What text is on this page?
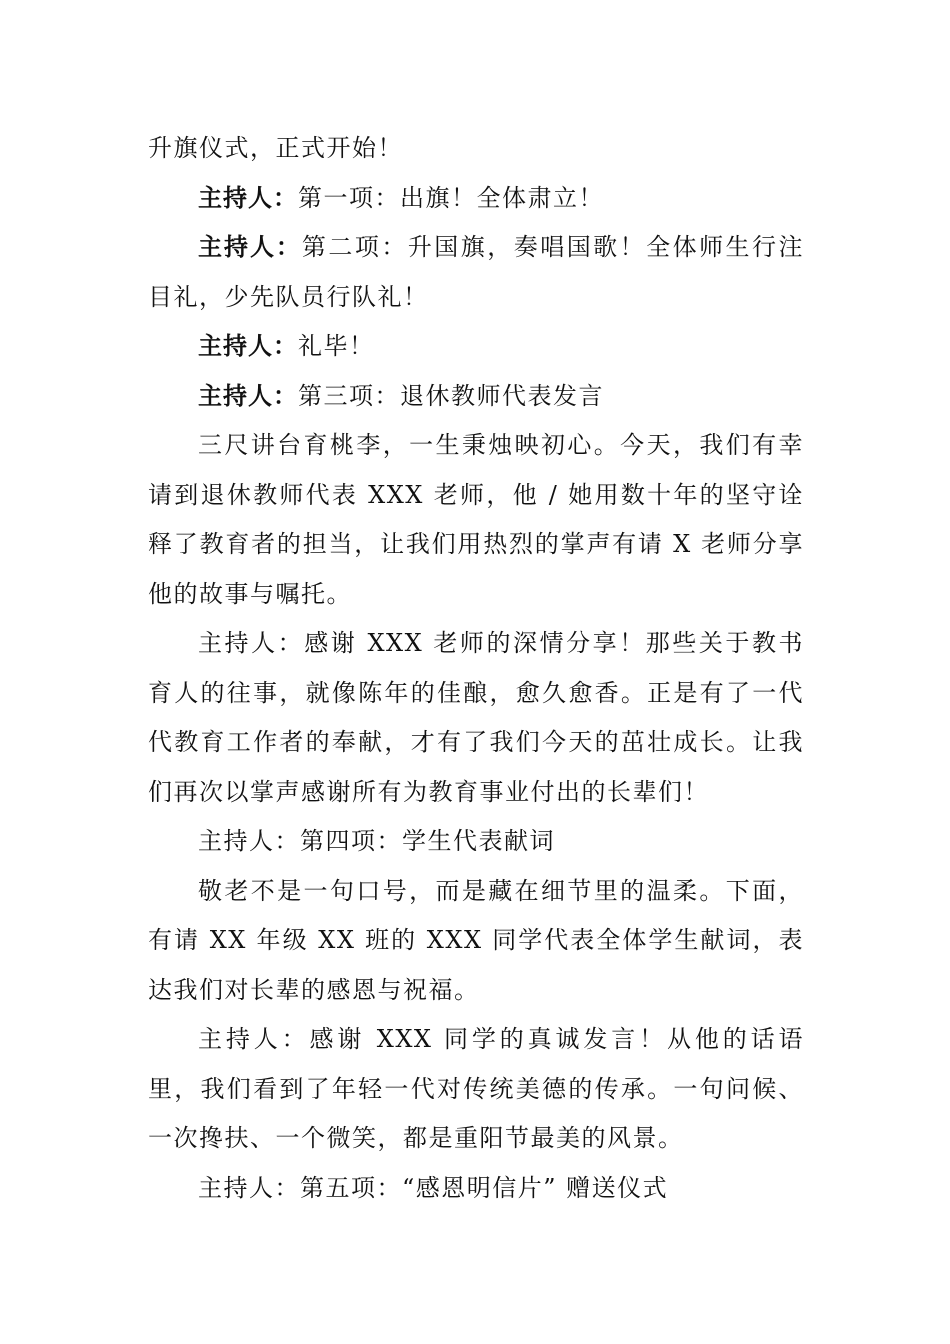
升旗仪式，正式开始！

主持人：第一项：出旗！全体肃立！

主持人：第二项：升国旗，奏唱国歌！全体师生行注目礼，少先队员行队礼！

主持人：礼毕！

主持人：第三项：退休教师代表发言

三尺讲台育桃李，一生秉烛映初心。今天，我们有幸请到退休教师代表 XXX 老师，他 / 她用数十年的坚守诠释了教育者的担当，让我们用热烈的掌声有请 X 老师分享他的故事与嘱托。

主持人：感谢 XXX 老师的深情分享！那些关于教书育人的往事，就像陈年的佳酿，愈久愈香。正是有了一代代教育工作者的奉献，才有了我们今天的茁壮成长。让我们再次以掌声感谢所有为教育事业付出的长辈们！

主持人：第四项：学生代表献词

敬老不是一句口号，而是藏在细节里的温柔。下面，有请 XX 年级 XX 班的 XXX 同学代表全体学生献词，表达我们对长辈的感恩与祝福。

主持人：感谢 XXX 同学的真诚发言！从他的话语里，我们看到了年轻一代对传统美德的传承。一句问候、一次搀扶、一个微笑，都是重阳节最美的风景。

主持人：第五项：“感恩明信片” 赠送仪式
